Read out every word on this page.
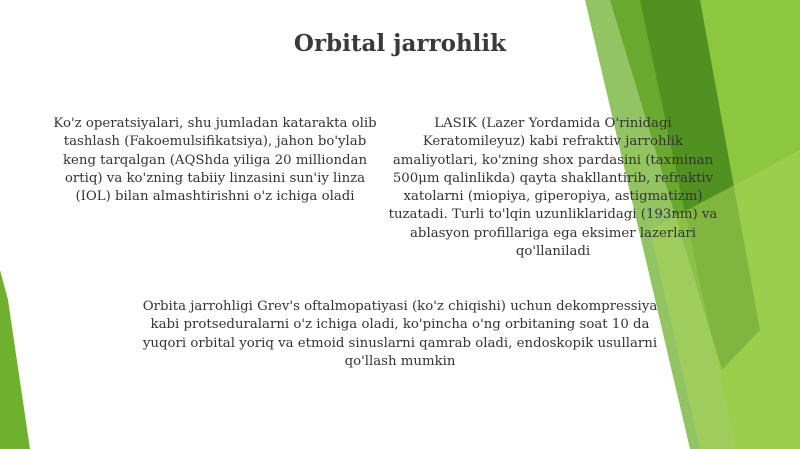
Orbital jarrohlik

Ko'z operatsiyalari, shu jumladan katarakta olib tashlash (Fakoemulsifikatsiya), jahon bo'ylab keng tarqalgan (AQShda yiliga 20 milliondan ortiq) va ko'zning tabiiy linzasini sun'iy linza (IOL) bilan almashtirishni o'z ichiga oladi

LASIK (Lazer Yordamida O'rinidagi Keratomileyuz) kabi refraktiv jarrohlik amaliyotlari, ko'zning shox pardasini (taxminan 500μm qalinlikda) qayta shakllantirib, refraktiv xatolarni (miopiya, giperopiya, astigmatizm) tuzatadi. Turli to'lqin uzunliklaridagi (193nm) va ablasyon profillariga ega eksimer lazerlari qo'llaniladi

Orbita jarrohligi Grev's oftalmopatiyasi (ko'z chiqishi) uchun dekompressiya kabi protseduralarni o'z ichiga oladi, ko'pincha o'ng orbitaning soat 10 da yuqori orbital yoriq va etmoid sinuslarni qamrab oladi, endoskopik usullarni qo'llash mumkin
